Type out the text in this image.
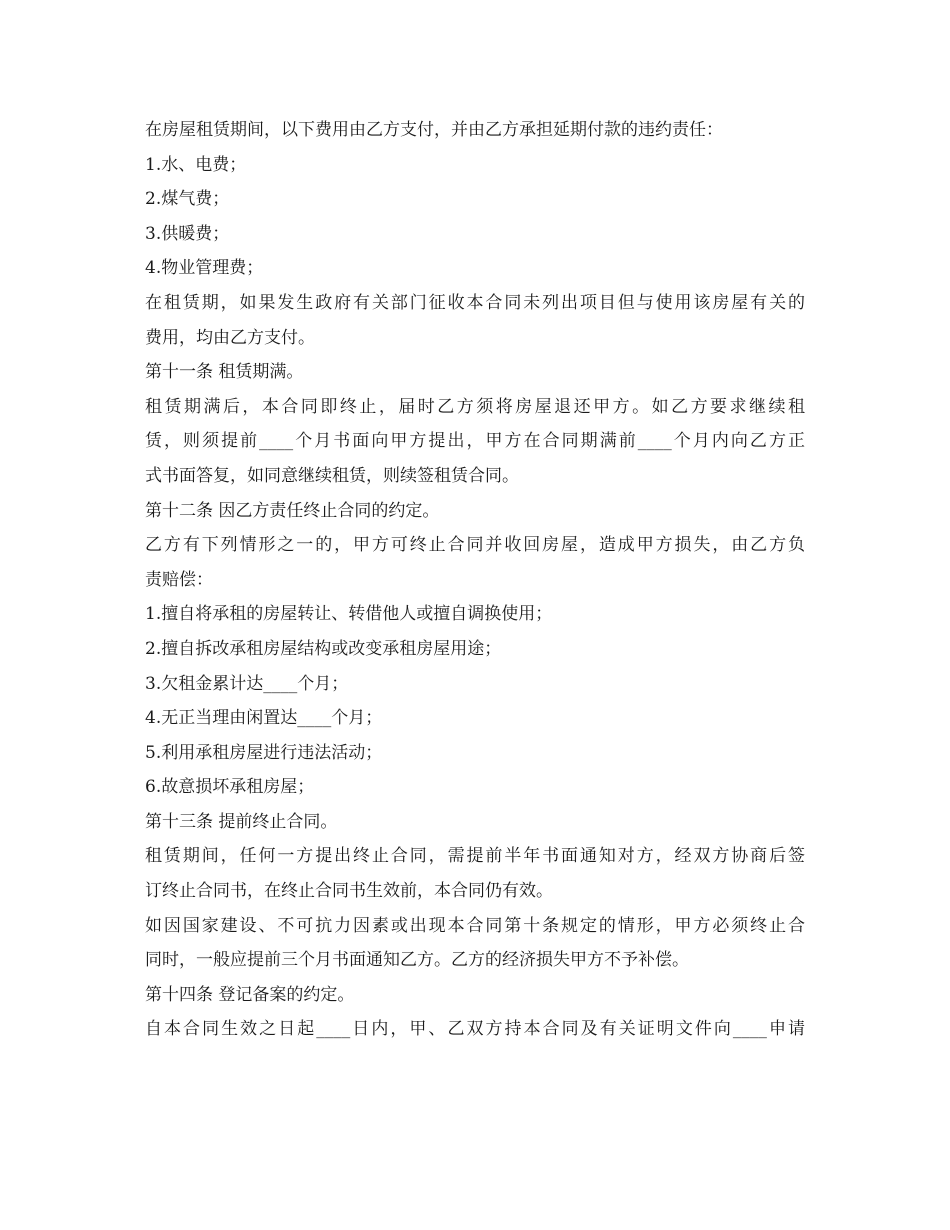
在房屋租赁期间，以下费用由乙方支付，并由乙方承担延期付款的违约责任：
1.水、电费；
2.煤气费；
3.供暖费；
4.物业管理费；
在租赁期，如果发生政府有关部门征收本合同未列出项目但与使用该房屋有关的
费用，均由乙方支付。
第十一条 租赁期满。
租赁期满后，本合同即终止，届时乙方须将房屋退还甲方。如乙方要求继续租
赁，则须提前____个月书面向甲方提出，甲方在合同期满前____个月内向乙方正
式书面答复，如同意继续租赁，则续签租赁合同。
第十二条 因乙方责任终止合同的约定。
乙方有下列情形之一的，甲方可终止合同并收回房屋，造成甲方损失，由乙方负
责赔偿：
1.擅自将承租的房屋转让、转借他人或擅自调换使用；
2.擅自拆改承租房屋结构或改变承租房屋用途；
3.欠租金累计达____个月；
4.无正当理由闲置达____个月；
5.利用承租房屋进行违法活动；
6.故意损坏承租房屋；
第十三条 提前终止合同。
租赁期间，任何一方提出终止合同，需提前半年书面通知对方，经双方协商后签
订终止合同书，在终止合同书生效前，本合同仍有效。
如因国家建设、不可抗力因素或出现本合同第十条规定的情形，甲方必须终止合
同时，一般应提前三个月书面通知乙方。乙方的经济损失甲方不予补偿。
第十四条 登记备案的约定。
自本合同生效之日起____日内，甲、乙双方持本合同及有关证明文件向____申请
